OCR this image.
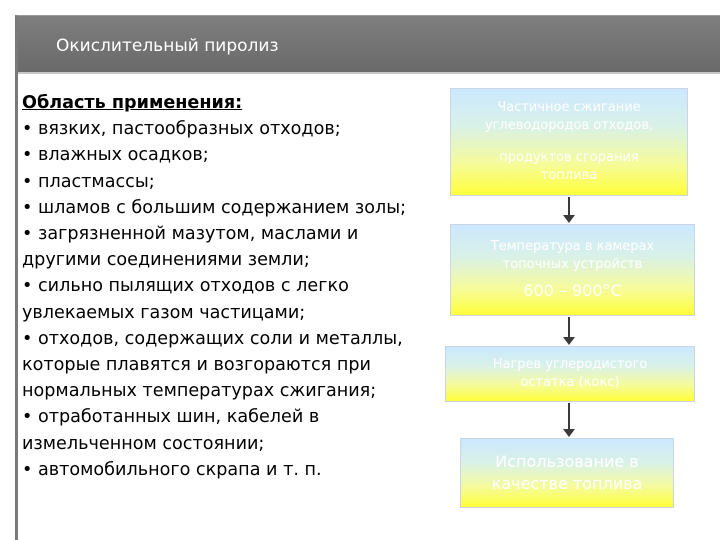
Окислительный пиролиз
Область применения:
• вязких, пастообразных отходов;
• влажных осадков;
• пластмассы;
• шламов с большим содержанием золы;
• загрязненной мазутом, маслами и
другими соединениями земли;
• сильно пылящих отходов с легко
увлекаемых газом частицами;
• отходов, содержащих соли и металлы,
которые плавятся и возгораются при
нормальных температурах сжигания;
• отработанных шин, кабелей в
измельченном состоянии;
• автомобильного скрапа и т. п.
Частичное сжигание
углеводородов отходов,
продуктов сгорания
топлива
Температура в камерах
топочных устройств
600 – 900°C
Нагрев углеродистого
остатка (кокс)
Использование в
качестве топлива
